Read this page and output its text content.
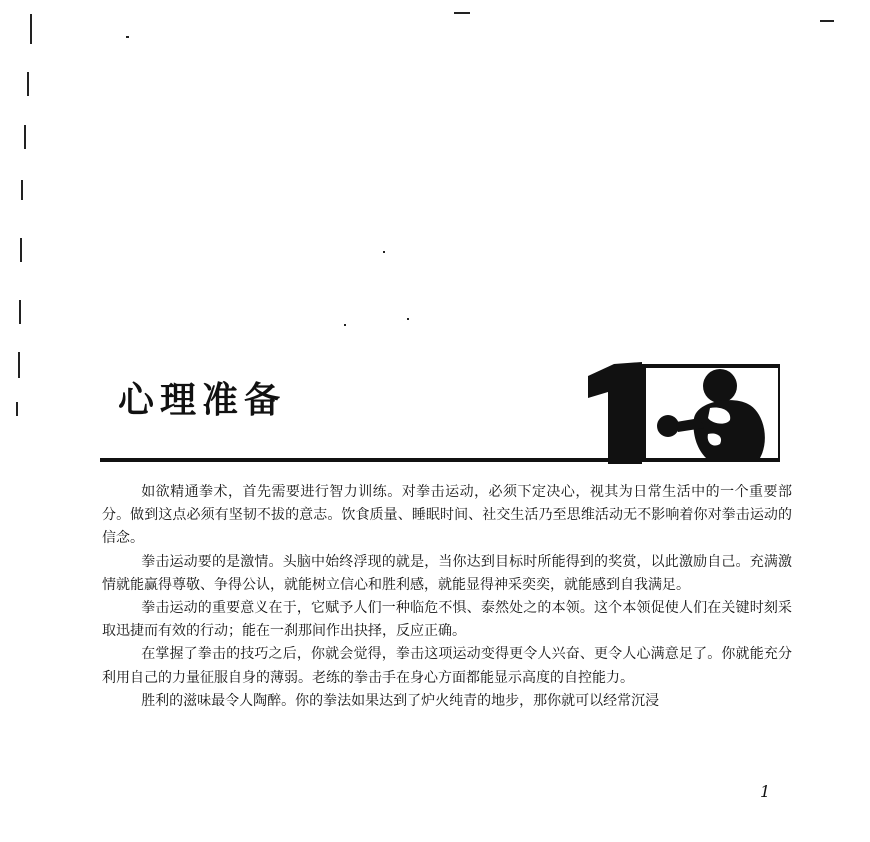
心理准备

如欲精通拳术，首先需要进行智力训练。对拳击运动，必须下定决心，视其为日常生活中的一个重要部分。做到这点必须有坚韧不拔的意志。饮食质量、睡眠时间、社交生活乃至思维活动无不影响着你对拳击运动的信念。

拳击运动要的是激情。头脑中始终浮现的就是，当你达到目标时所能得到的奖赏，以此激励自己。充满激情就能赢得尊敬、争得公认，就能树立信心和胜利感，就能显得神采奕奕，就能感到自我满足。

拳击运动的重要意义在于，它赋予人们一种临危不惧、泰然处之的本领。这个本领促使人们在关键时刻采取迅捷而有效的行动；能在一刹那间作出抉择，反应正确。

在掌握了拳击的技巧之后，你就会觉得，拳击这项运动变得更令人兴奋、更令人心满意足了。你就能充分利用自己的力量征服自身的薄弱。老练的拳击手在身心方面都能显示高度的自控能力。

胜利的滋味最令人陶醉。你的拳法如果达到了炉火纯青的地步，那你就可以经常沉浸

1
